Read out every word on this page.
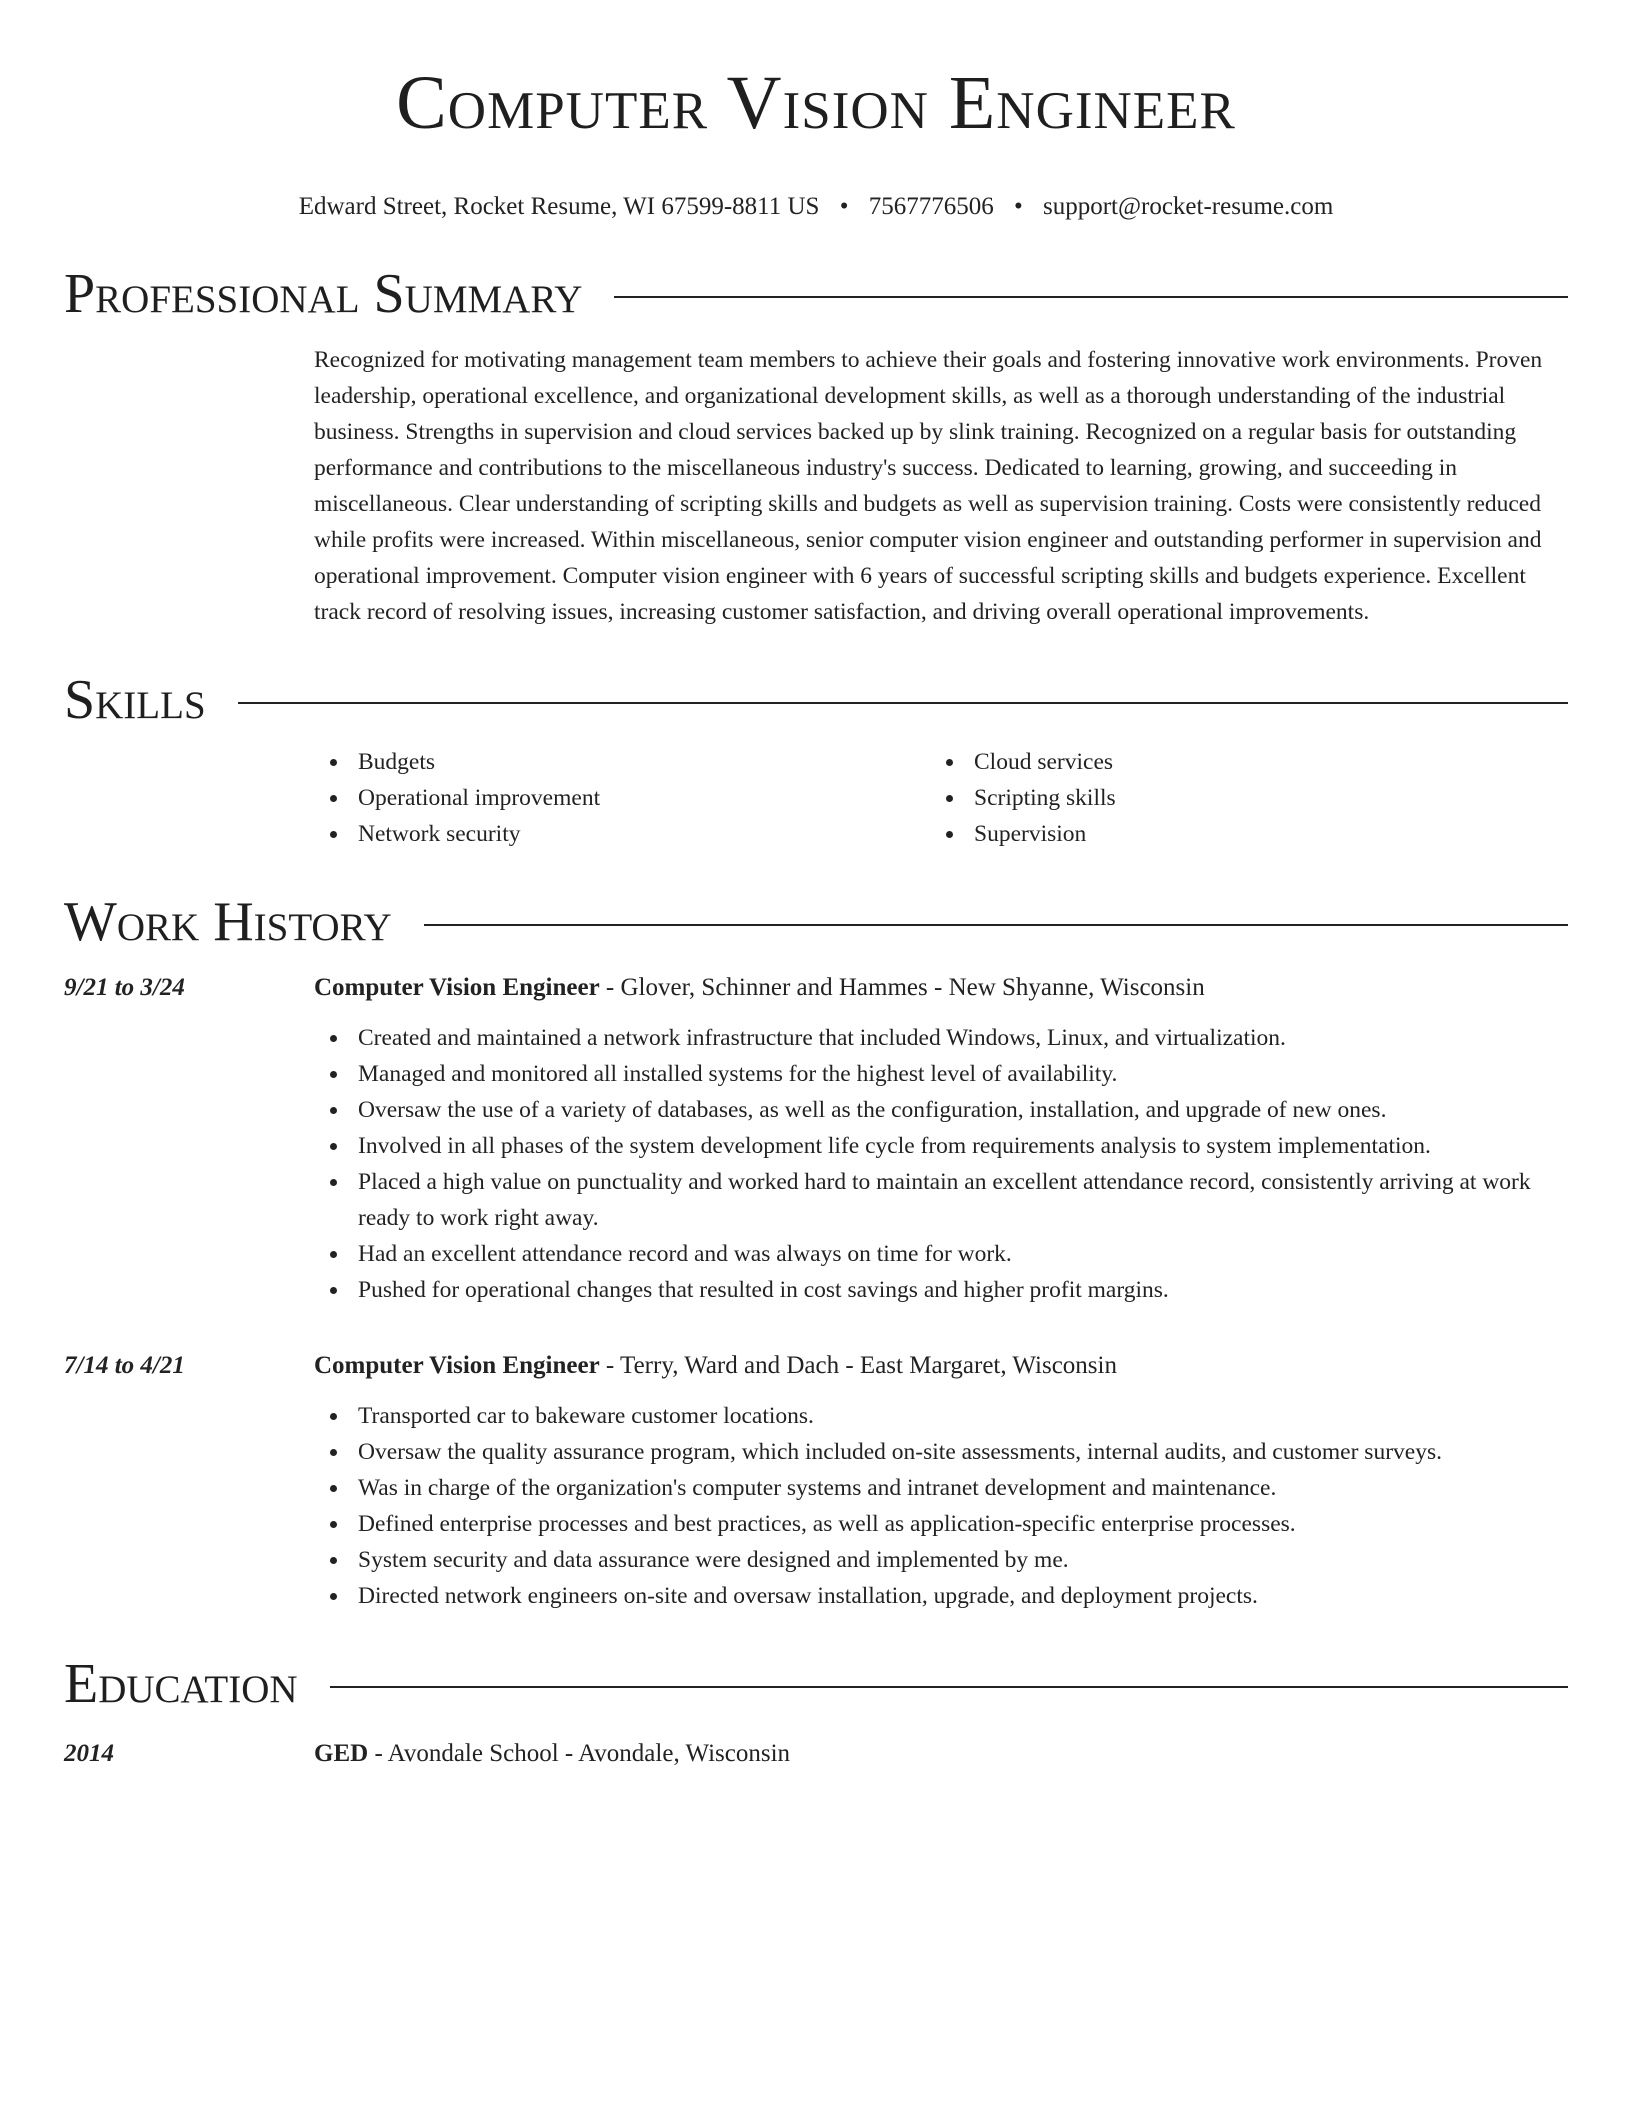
Computer Vision Engineer
Edward Street, Rocket Resume, WI 67599-8811 US • 7567776506 • support@rocket-resume.com
Professional Summary

Recognized for motivating management team members to achieve their goals and fostering innovative work environments. Proven leadership, operational excellence, and organizational development skills, as well as a thorough understanding of the industrial business. Strengths in supervision and cloud services backed up by slink training. Recognized on a regular basis for outstanding performance and contributions to the miscellaneous industry's success. Dedicated to learning, growing, and succeeding in miscellaneous. Clear understanding of scripting skills and budgets as well as supervision training. Costs were consistently reduced while profits were increased. Within miscellaneous, senior computer vision engineer and outstanding performer in supervision and operational improvement. Computer vision engineer with 6 years of successful scripting skills and budgets experience. Excellent track record of resolving issues, increasing customer satisfaction, and driving overall operational improvements.

Skills
Budgets
Operational improvement
Network security
Cloud services
Scripting skills
Supervision
Work History
9/21 to 3/24	Computer Vision Engineer - Glover, Schinner and Hammes - New Shyanne, Wisconsin
Created and maintained a network infrastructure that included Windows, Linux, and virtualization.
Managed and monitored all installed systems for the highest level of availability.
Oversaw the use of a variety of databases, as well as the configuration, installation, and upgrade of new ones.
Involved in all phases of the system development life cycle from requirements analysis to system implementation.
Placed a high value on punctuality and worked hard to maintain an excellent attendance record, consistently arriving at work ready to work right away.
Had an excellent attendance record and was always on time for work.
Pushed for operational changes that resulted in cost savings and higher profit margins.
7/14 to 4/21	Computer Vision Engineer - Terry, Ward and Dach - East Margaret, Wisconsin
Transported car to bakeware customer locations.
Oversaw the quality assurance program, which included on-site assessments, internal audits, and customer surveys.
Was in charge of the organization's computer systems and intranet development and maintenance.
Defined enterprise processes and best practices, as well as application-specific enterprise processes.
System security and data assurance were designed and implemented by me.
Directed network engineers on-site and oversaw installation, upgrade, and deployment projects.
Education
2014	GED - Avondale School - Avondale, Wisconsin
